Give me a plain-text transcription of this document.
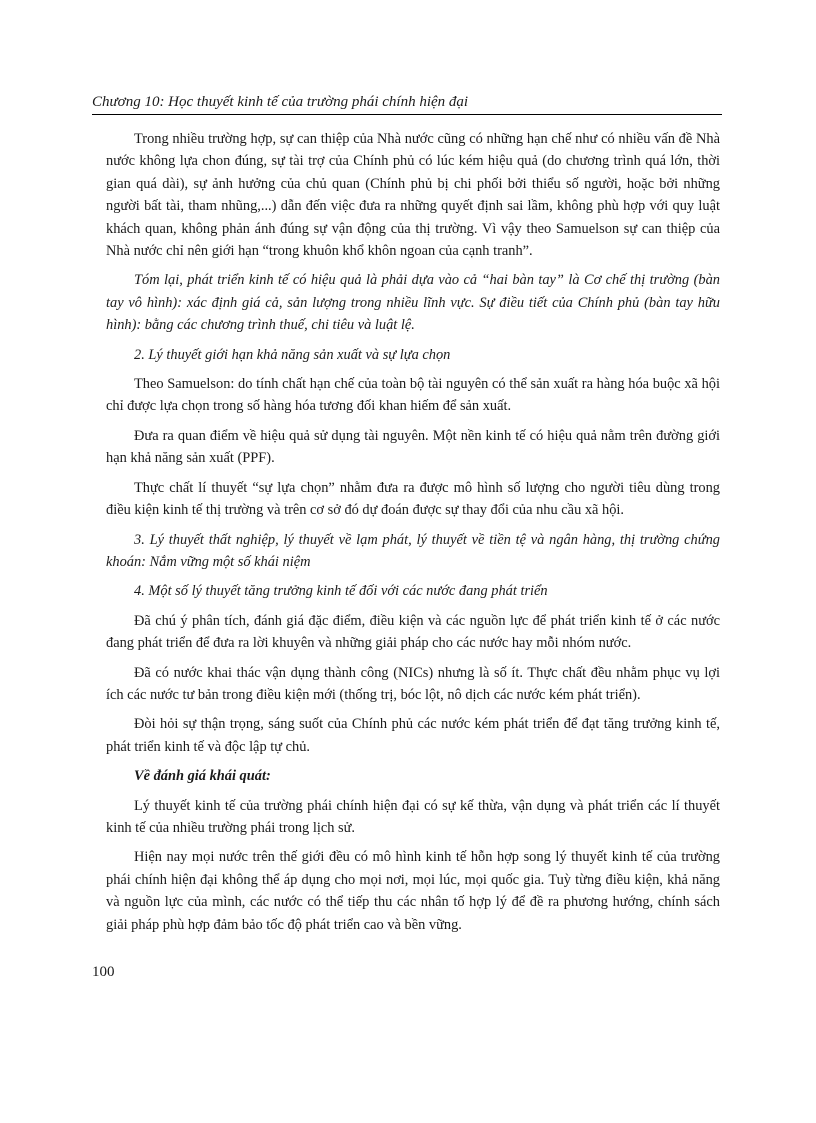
Chương 10: Học thuyết kinh tế của trường phái chính hiện đại

Trong nhiều trường hợp, sự can thiệp của Nhà nước cũng có những hạn chế như có nhiều vấn đề Nhà nước không lựa chon đúng, sự tài trợ của Chính phủ có lúc kém hiệu quả (do chương trình quá lớn, thời gian quá dài), sự ảnh hưởng của chủ quan (Chính phủ bị chi phối bởi thiểu số người, hoặc bởi những người bất tài, tham nhũng,...) dẫn đến việc đưa ra những quyết định sai lầm, không phù hợp với quy luật khách quan, không phản ánh đúng sự vận động của thị trường. Vì vậy theo Samuelson sự can thiệp của Nhà nước chỉ nên giới hạn “trong khuôn khổ khôn ngoan của cạnh tranh”.

Tóm lại, phát triển kinh tế có hiệu quả là phải dựa vào cả “hai bàn tay” là Cơ chế thị trường (bàn tay vô hình): xác định giá cả, sản lượng trong nhiều lĩnh vực. Sự điều tiết của Chính phủ (bàn tay hữu hình): bằng các chương trình thuế, chi tiêu và luật lệ.

2. Lý thuyết giới hạn khả năng sản xuất và sự lựa chọn

Theo Samuelson: do tính chất hạn chế của toàn bộ tài nguyên có thể sản xuất ra hàng hóa buộc xã hội chỉ được lựa chọn trong số hàng hóa tương đối khan hiếm để sản xuất.

Đưa ra quan điểm về hiệu quả sử dụng tài nguyên. Một nền kinh tế có hiệu quả nằm trên đường giới hạn khả năng sản xuất (PPF).

Thực chất lí thuyết “sự lựa chọn” nhằm đưa ra được mô hình số lượng cho người tiêu dùng trong điều kiện kinh tế thị trường và trên cơ sở đó dự đoán được sự thay đổi của nhu cầu xã hội.

3. Lý thuyết thất nghiệp, lý thuyết về lạm phát, lý thuyết về tiền tệ và ngân hàng, thị trường chứng khoán: Nắm vững một số khái niệm

4. Một số lý thuyết tăng trưởng kinh tế đối với các nước đang phát triển

Đã chú ý phân tích, đánh giá đặc điểm, điều kiện và các nguồn lực để phát triển kinh tế ở các nước đang phát triển để đưa ra lời khuyên và những giải pháp cho các nước hay mỗi nhóm nước.

Đã có nước khai thác vận dụng thành công (NICs) nhưng là số ít. Thực chất đều nhằm phục vụ lợi ích các nước tư bản trong điều kiện mới (thống trị, bóc lột, nô dịch các nước kém phát triển).

Đòi hỏi sự thận trọng, sáng suốt của Chính phủ các nước kém phát triển để đạt tăng trưởng kinh tế, phát triển kinh tế và độc lập tự chủ.

Về đánh giá khái quát:

Lý thuyết kinh tế của trường phái chính hiện đại có sự kế thừa, vận dụng và phát triển các lí thuyết kinh tế của nhiều trường phái trong lịch sử.

Hiện nay mọi nước trên thế giới đều có mô hình kinh tế hỗn hợp song lý thuyết kinh tế của trường phái chính hiện đại không thể áp dụng cho mọi nơi, mọi lúc, mọi quốc gia. Tuỳ từng điều kiện, khả năng và nguồn lực của mình, các nước có thể tiếp thu các nhân tố hợp lý để đề ra phương hướng, chính sách giải pháp phù hợp đảm bảo tốc độ phát triển cao và bền vững.

100
